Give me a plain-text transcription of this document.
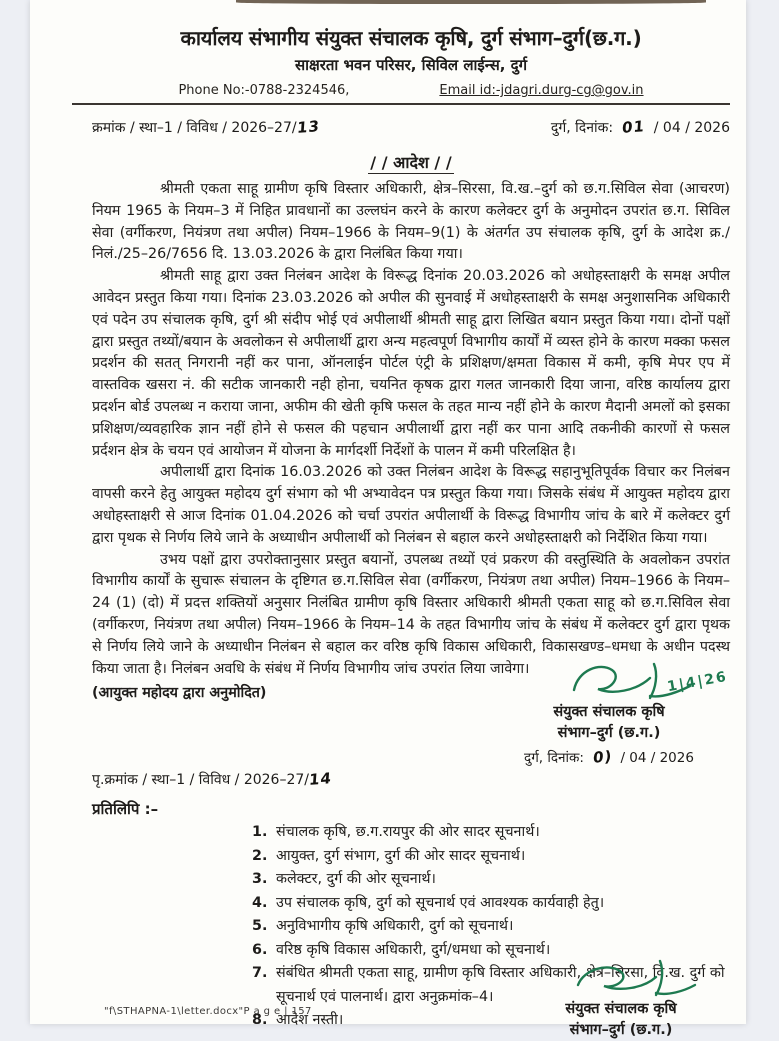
कार्यालय संभागीय संयुक्त संचालक कृषि, दुर्ग संभाग–दुर्ग(छ.ग.)
साक्षरता भवन परिसर, सिविल लाईन्स, दुर्ग
Phone No:-0788-2324546,	Email id:-jdagri.durg-cg@gov.in
क्रमांक / स्था–1 / विविध / 2026–27/13	दुर्ग, दिनांक: 01 / 04 / 2026
/ / आदेश / /

श्रीमती एकता साहू ग्रामीण कृषि विस्तार अधिकारी, क्षेत्र–सिरसा, वि.ख.–दुर्ग को छ.ग.सिविल सेवा (आचरण) नियम 1965 के नियम–3 में निहित प्रावधानों का उल्लघंन करने के कारण कलेक्टर दुर्ग के अनुमोदन उपरांत छ.ग. सिविल सेवा (वर्गीकरण, नियंत्रण तथा अपील) नियम–1966 के नियम–9(1) के अंतर्गत उप संचालक कृषि, दुर्ग के आदेश क्र./निलं./25–26/7656 दि. 13.03.2026 के द्वारा निलंबित किया गया।

श्रीमती साहू द्वारा उक्त निलंबन आदेश के विरूद्ध दिनांक 20.03.2026 को अधोहस्ताक्षरी के समक्ष अपील आवेदन प्रस्तुत किया गया। दिनांक 23.03.2026 को अपील की सुनवाई में अधोहस्ताक्षरी के समक्ष अनुशासनिक अधिकारी एवं पदेन उप संचालक कृषि, दुर्ग श्री संदीप भोई एवं अपीलार्थी श्रीमती साहू द्वारा लिखित बयान प्रस्तुत किया गया। दोनों पक्षों द्वारा प्रस्तुत तथ्यों/बयान के अवलोकन से अपीलार्थी द्वारा अन्य महत्वपूर्ण विभागीय कार्यों में व्यस्त होने के कारण मक्का फसल प्रदर्शन की सतत् निगरानी नहीं कर पाना, ऑनलाईन पोर्टल एंट्री के प्रशिक्षण/क्षमता विकास में कमी, कृषि मेपर एप में वास्तविक खसरा नं. की सटीक जानकारी नही होना, चयनित कृषक द्वारा गलत जानकारी दिया जाना, वरिष्ठ कार्यालय द्वारा प्रदर्शन बोर्ड उपलब्ध न कराया जाना, अफीम की खेती कृषि फसल के तहत मान्य नहीं होने के कारण मैदानी अमलों को इसका प्रशिक्षण/व्यवहारिक ज्ञान नहीं होने से फसल की पहचान अपीलार्थी द्वारा नहीं कर पाना आदि तकनीकी कारणों से फसल प्रर्दशन क्षेत्र के चयन एवं आयोजन में योजना के मार्गदर्शी निर्देशों के पालन में कमी परिलक्षित है।

अपीलार्थी द्वारा दिनांक 16.03.2026 को उक्त निलंबन आदेश के विरूद्ध सहानुभूतिपूर्वक विचार कर निलंबन वापसी करने हेतु आयुक्त महोदय दुर्ग संभाग को भी अभ्यावेदन पत्र प्रस्तुत किया गया। जिसके संबंध में आयुक्त महोदय द्वारा अधोहस्ताक्षरी से आज दिनांक 01.04.2026 को चर्चा उपरांत अपीलार्थी के विरूद्ध विभागीय जांच के बारे में कलेक्टर दुर्ग द्वारा पृथक से निर्णय लिये जाने के अध्याधीन अपीलार्थी को निलंबन से बहाल करने अधोहस्ताक्षरी को निर्देशित किया गया।

उभय पक्षों द्वारा उपरोक्तानुसार प्रस्तुत बयानों, उपलब्ध तथ्यों एवं प्रकरण की वस्तुस्थिति के अवलोकन उपरांत विभागीय कार्यों के सुचारू संचालन के दृष्टिगत छ.ग.सिविल सेवा (वर्गीकरण, नियंत्रण तथा अपील) नियम–1966 के नियम–24 (1) (दो) में प्रदत्त शक्तियों अनुसार निलंबित ग्रामीण कृषि विस्तार अधिकारी श्रीमती एकता साहू को छ.ग.सिविल सेवा (वर्गीकरण, नियंत्रण तथा अपील) नियम–1966 के नियम–14 के तहत विभागीय जांच के संबंध में कलेक्टर दुर्ग द्वारा पृथक से निर्णय लिये जाने के अध्याधीन निलंबन से बहाल कर वरिष्ठ कृषि विकास अधिकारी, विकासखण्ड–धमधा के अधीन पदस्थ किया जाता है। निलंबन अवधि के संबंध में निर्णय विभागीय जांच उपरांत लिया जावेगा।

(आयुक्त महोदय द्वारा अनुमोदित)	1|4|26
संयुक्त संचालक कृषि
संभाग–दुर्ग (छ.ग.)
दुर्ग, दिनांक: 0) / 04 / 2026
पृ.क्रमांक / स्था–1 / विविध / 2026–27/14
प्रतिलिपि :–
1. संचालक कृषि, छ.ग.रायपुर की ओर सादर सूचनार्थ।
2. आयुक्त, दुर्ग संभाग, दुर्ग की ओर सादर सूचनार्थ।
3. कलेक्टर, दुर्ग की ओर सूचनार्थ।
4. उप संचालक कृषि, दुर्ग को सूचनार्थ एवं आवश्यक कार्यवाही हेतु।
5. अनुविभागीय कृषि अधिकारी, दुर्ग को सूचनार्थ।
6. वरिष्ठ कृषि विकास अधिकारी, दुर्ग/धमधा को सूचनार्थ।
7. संबंधित श्रीमती एकता साहू, ग्रामीण कृषि विस्तार अधिकारी, क्षेत्र–सिरसा, वि.ख. दुर्ग को सूचनार्थ एवं पालनार्थ। द्वारा अनुक्रमांक–4।
8. आदेश नस्ती।
संयुक्त संचालक कृषि
संभाग–दुर्ग (छ.ग.)
"f\STHAPNA-1\letter.docx"P a g e | 157
